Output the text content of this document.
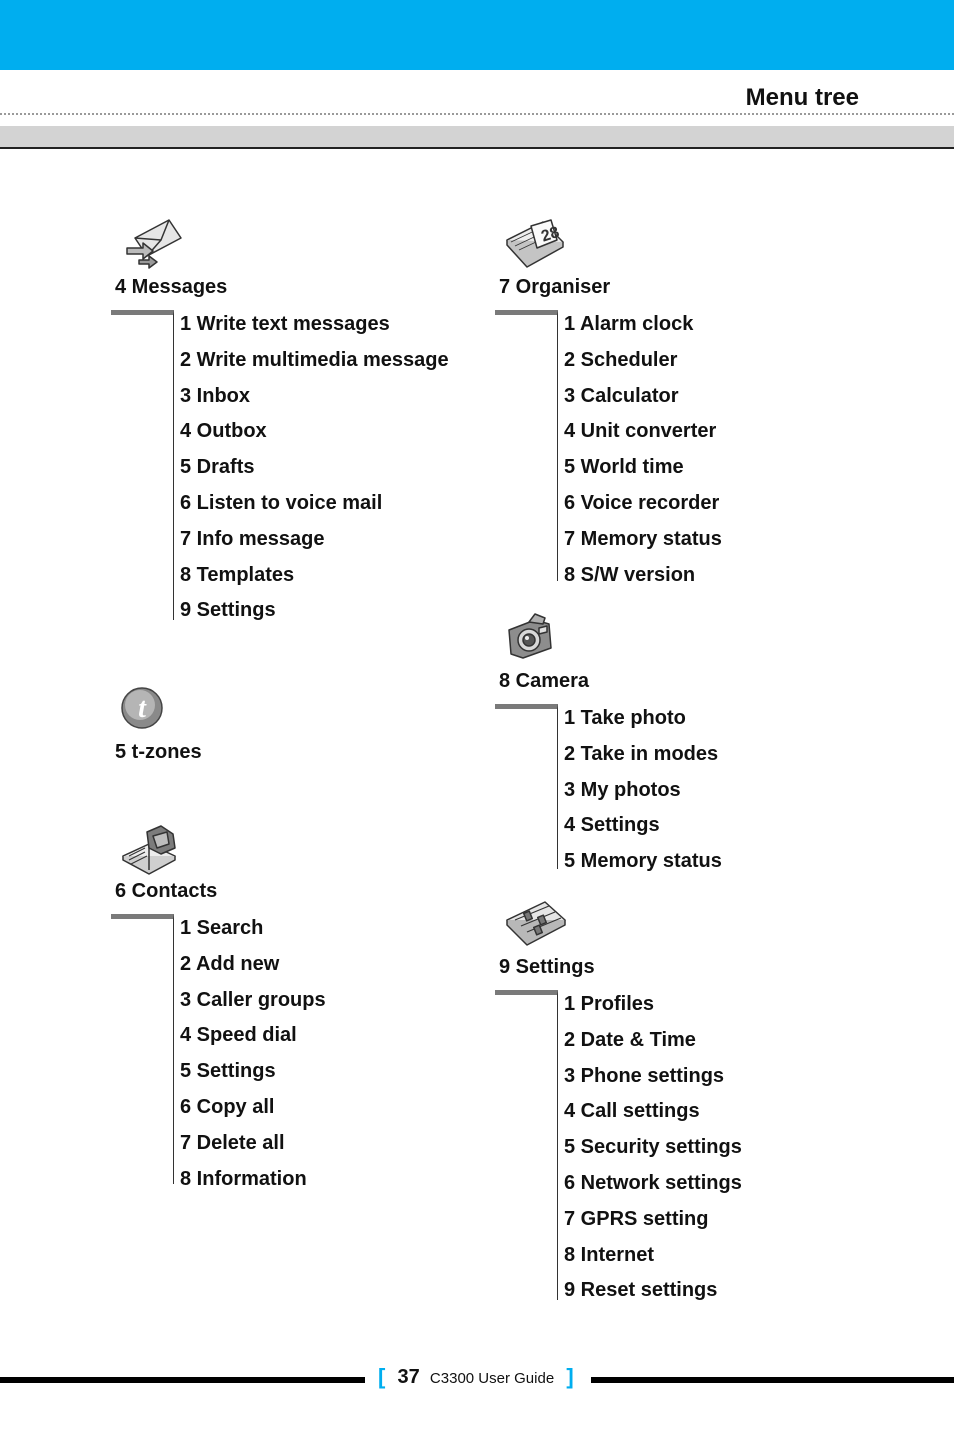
Menu tree
4 Messages
1 Write text messages
2 Write multimedia message
3 Inbox
4 Outbox
5 Drafts
6 Listen to voice mail
7 Info message
8 Templates
9 Settings
t
5 t-zones
6 Contacts
1 Search
2 Add new
3 Caller groups
4 Speed dial
5 Settings
6 Copy all
7 Delete all
8 Information
28
7 Organiser
1 Alarm clock
2 Scheduler
3 Calculator
4 Unit converter
5 World time
6 Voice recorder
7 Memory status
8 S/W version
8 Camera
1 Take photo
2 Take in modes
3 My photos
4 Settings
5 Memory status
9 Settings
1 Profiles
2 Date & Time
3 Phone settings
4 Call settings
5 Security settings
6 Network settings
7 GPRS setting
8 Internet
9 Reset settings
[ 37 C3300 User Guide ]
